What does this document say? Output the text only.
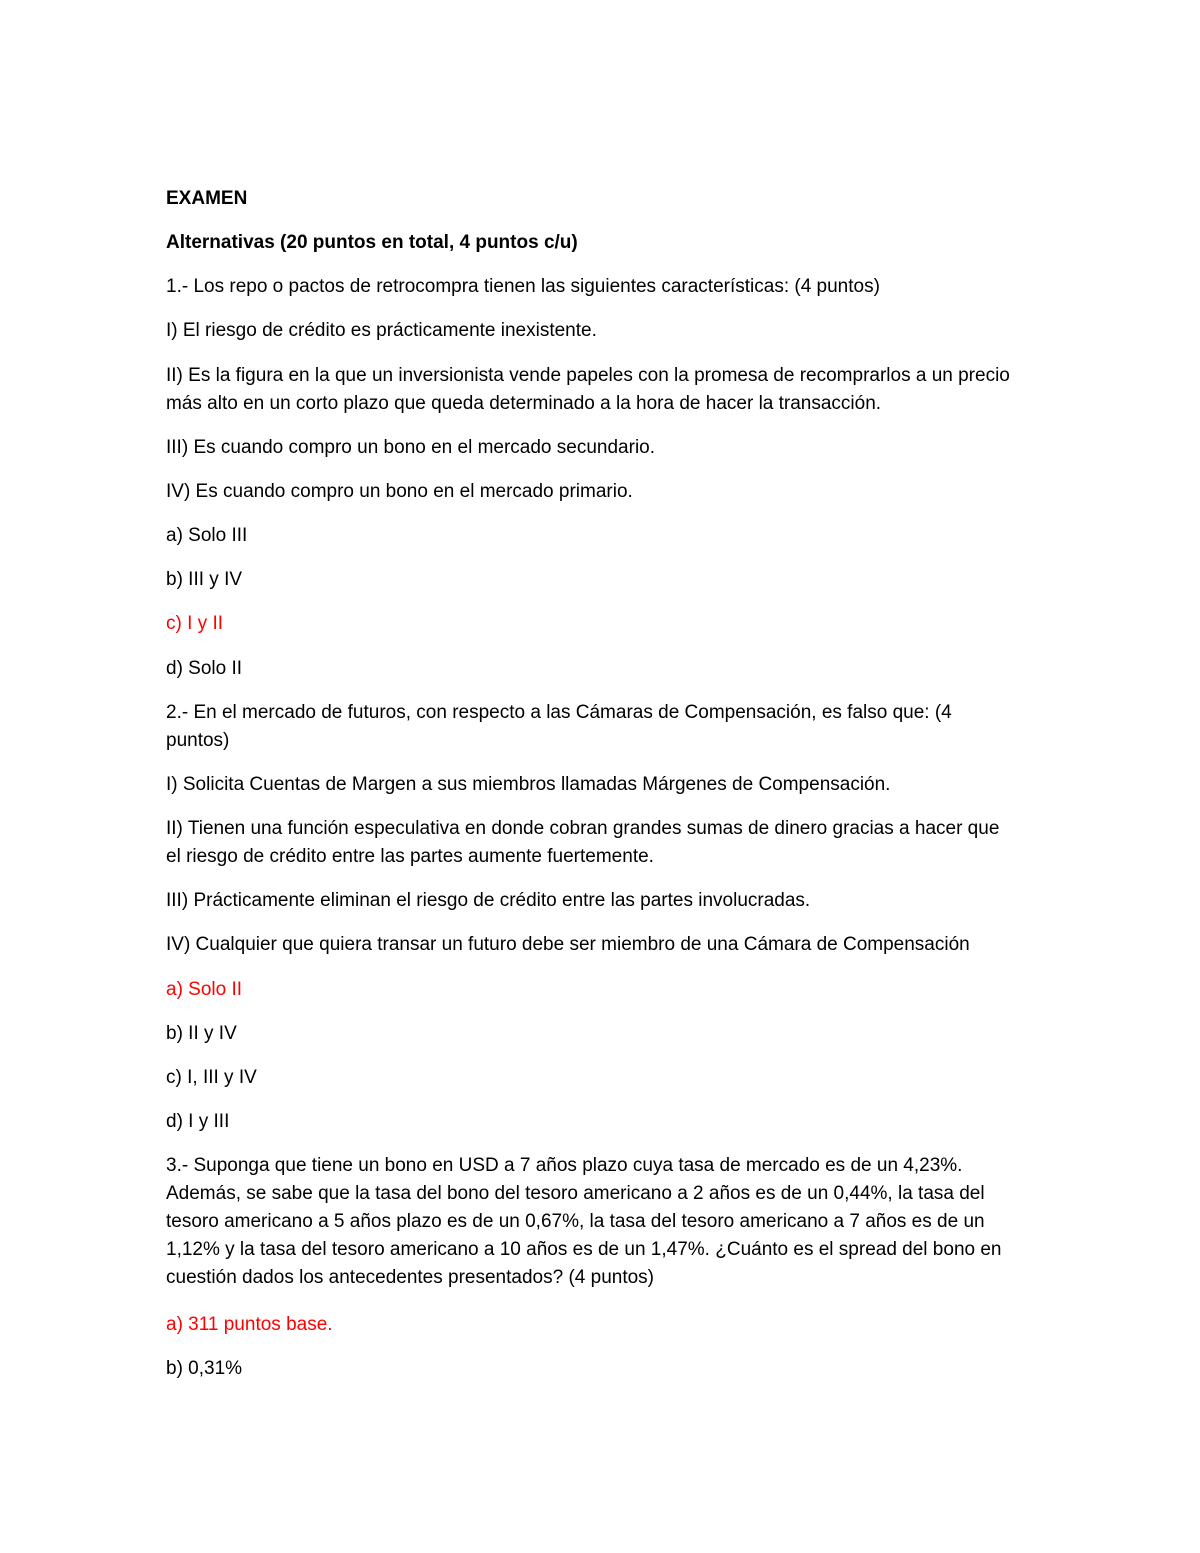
EXAMEN

Alternativas (20 puntos en total, 4 puntos c/u)

1.- Los repo o pactos de retrocompra tienen las siguientes características: (4 puntos)

I) El riesgo de crédito es prácticamente inexistente.

II) Es la figura en la que un inversionista vende papeles con la promesa de recomprarlos a un precio

más alto en un corto plazo que queda determinado a la hora de hacer la transacción.

III) Es cuando compro un bono en el mercado secundario.

IV) Es cuando compro un bono en el mercado primario.

a) Solo III

b) III y IV

c) I y II

d) Solo II

2.- En el mercado de futuros, con respecto a las Cámaras de Compensación, es falso que: (4

puntos)

I) Solicita Cuentas de Margen a sus miembros llamadas Márgenes de Compensación.

II) Tienen una función especulativa en donde cobran grandes sumas de dinero gracias a hacer que

el riesgo de crédito entre las partes aumente fuertemente.

III) Prácticamente eliminan el riesgo de crédito entre las partes involucradas.

IV) Cualquier que quiera transar un futuro debe ser miembro de una Cámara de Compensación

a) Solo II

b) II y IV

c) I, III y IV

d) I y III

3.- Suponga que tiene un bono en USD a 7 años plazo cuya tasa de mercado es de un 4,23%.

Además, se sabe que la tasa del bono del tesoro americano a 2 años es de un 0,44%, la tasa del

tesoro americano a 5 años plazo es de un 0,67%, la tasa del tesoro americano a 7 años es de un

1,12% y la tasa del tesoro americano a 10 años es de un 1,47%. ¿Cuánto es el spread del bono en

cuestión dados los antecedentes presentados? (4 puntos)

a) 311 puntos base.

b) 0,31%
